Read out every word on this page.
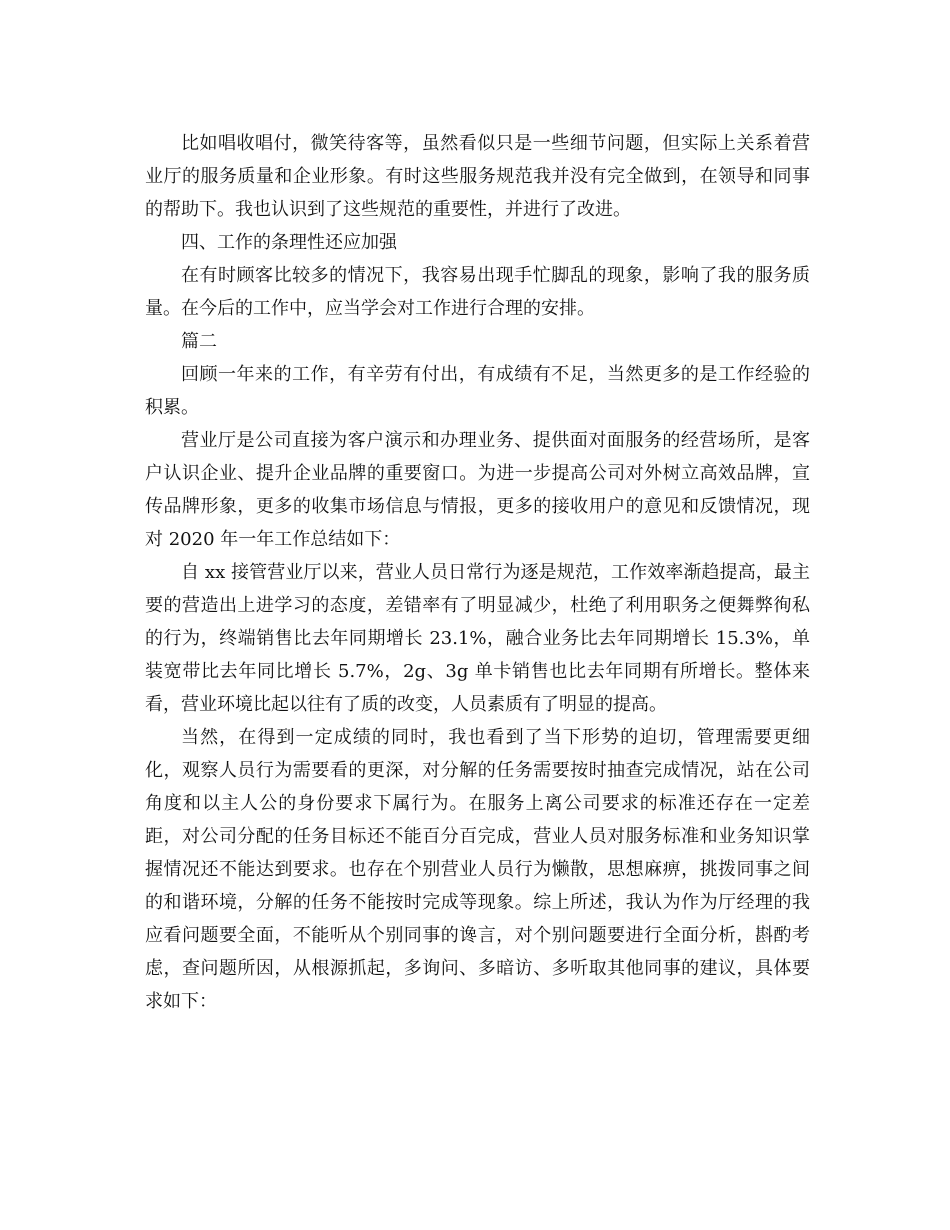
比如唱收唱付，微笑待客等，虽然看似只是一些细节问题，但实际上关系着营业厅的服务质量和企业形象。有时这些服务规范我并没有完全做到，在领导和同事的帮助下。我也认识到了这些规范的重要性，并进行了改进。

四、工作的条理性还应加强

在有时顾客比较多的情况下，我容易出现手忙脚乱的现象，影响了我的服务质量。在今后的工作中，应当学会对工作进行合理的安排。

篇二

回顾一年来的工作，有辛劳有付出，有成绩有不足，当然更多的是工作经验的积累。

营业厅是公司直接为客户演示和办理业务、提供面对面服务的经营场所，是客户认识企业、提升企业品牌的重要窗口。为进一步提高公司对外树立高效品牌，宣传品牌形象，更多的收集市场信息与情报，更多的接收用户的意见和反馈情况，现对 2020 年一年工作总结如下：

自 xx 接管营业厅以来，营业人员日常行为逐是规范，工作效率渐趋提高，最主要的营造出上进学习的态度，差错率有了明显减少，杜绝了利用职务之便舞弊徇私的行为，终端销售比去年同期增长 23.1%，融合业务比去年同期增长 15.3%，单装宽带比去年同比增长 5.7%，2g、3g 单卡销售也比去年同期有所增长。整体来看，营业环境比起以往有了质的改变，人员素质有了明显的提高。

当然，在得到一定成绩的同时，我也看到了当下形势的迫切，管理需要更细化，观察人员行为需要看的更深，对分解的任务需要按时抽查完成情况，站在公司角度和以主人公的身份要求下属行为。在服务上离公司要求的标准还存在一定差距，对公司分配的任务目标还不能百分百完成，营业人员对服务标准和业务知识掌握情况还不能达到要求。也存在个别营业人员行为懒散，思想麻痹，挑拨同事之间的和谐环境，分解的任务不能按时完成等现象。综上所述，我认为作为厅经理的我应看问题要全面，不能听从个别同事的谗言，对个别问题要进行全面分析，斟酌考虑，查问题所因，从根源抓起，多询问、多暗访、多听取其他同事的建议，具体要求如下：
